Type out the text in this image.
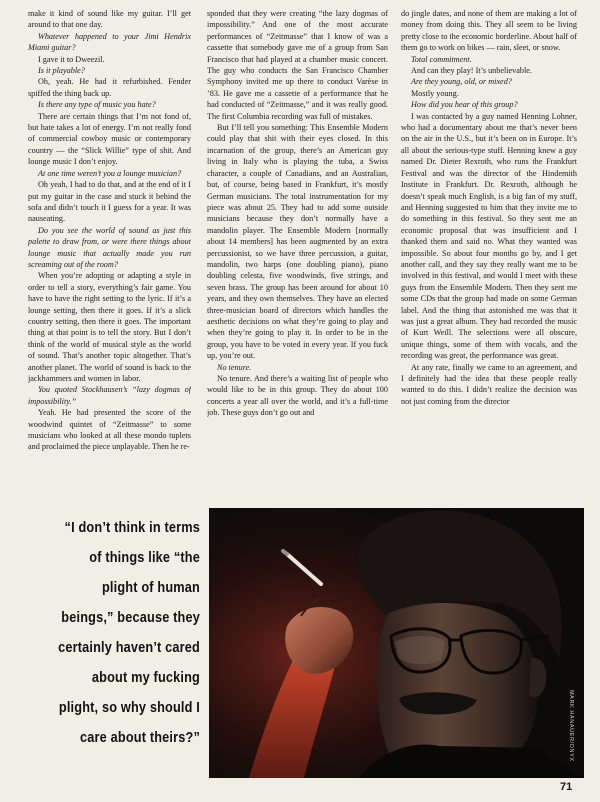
make it kind of sound like my guitar. I’ll get around to that one day.

Whatever happened to your Jimi Hendrix Miami guitar?

I gave it to Dweezil.

Is it playable?

Oh, yeah. He had it refurbished. Fender spiffed the thing back up.

Is there any type of music you hate?

There are certain things that I’m not fond of, but hate takes a lot of energy. I’m not really fond of commercial cowboy music or contemporary country — the “Slick Willie” type of shit. And lounge music I don’t enjoy.

At one time weren’t you a lounge musician?

Oh yeah, I had to do that, and at the end of it I put my guitar in the case and stuck it behind the sofa and didn’t touch it I guess for a year. It was nauseating.

Do you see the world of sound as just this palette to draw from, or were there things about lounge music that actually made you run screaming out of the room?

When you’re adopting or adapting a style in order to tell a story, everything’s fair game. You have to have the right setting to the lyric. If it’s a lounge setting, then there it goes. If it’s a slick country setting, then there it goes. The important thing at that point is to tell the story. But I don’t think of the world of musical style as the world of sound. That’s another topic altogether. That’s another planet. The world of sound is back to the jackhammers and women in labor.

You quoted Stockhausen’s “lazy dogmas of impossibility.”

Yeah. He had presented the score of the woodwind quintet of “Zeitmasse” to some musicians who looked at all these mondo tuplets and proclaimed the piece unplayable. Then he re-

sponded that they were creating “the lazy dogmas of impossibility.” And one of the most accurate performances of “Zeitmasse” that I know of was a cassette that somebody gave me of a group from San Francisco that had played at a chamber music concert. The guy who conducts the San Francisco Chamber Symphony invited me up there to conduct Varèse in ’83. He gave me a cassette of a performance that he had conducted of “Zeitmasse,” and it was really good. The first Columbia recording was full of mistakes.

But I’ll tell you something: This Ensemble Modern could play that shit with their eyes closed. In this incarnation of the group, there’s an American guy living in Italy who is playing the tuba, a Swiss character, a couple of Canadians, and an Australian, but, of course, being based in Frankfurt, it’s mostly German musicians. The total instrumentation for my piece was about 25. They had to add some outside musicians because they don’t normally have a mandolin player. The Ensemble Modern [normally about 14 members] has been augmented by an extra percussionist, so we have three percussion, a guitar, mandolin, two harps (one doubling piano), piano doubling celesta, five woodwinds, five strings, and seven brass. The group has been around for about 10 years, and they own themselves. They have an elected three-musician board of directors which handles the aesthetic decisions on what they’re going to play and when they’re going to play it. In order to be in the group, you have to be voted in every year. If you fuck up, you’re out.

No tenure.

No tenure. And there’s a waiting list of people who would like to be in this group. They do about 100 concerts a year all over the world, and it’s a full-time job. These guys don’t go out and

do jingle dates, and none of them are making a lot of money from doing this. They all seem to be living pretty close to the economic borderline. About half of them go to work on bikes — rain, sleet, or snow.

Total commitment.

And can they play! It’s unbelievable.

Are they young, old, or mixed?

Mostly young.

How did you hear of this group?

I was contacted by a guy named Henning Lohner, who had a documentary about me that’s never been on the air in the U.S., but it’s been on in Europe. It’s all about the serious-type stuff. Henning knew a guy named Dr. Dieter Rexroth, who runs the Frankfurt Festival and was the director of the Hindemith Institute in Frankfurt. Dr. Rexroth, although he doesn’t speak much English, is a big fan of my stuff, and Henning suggested to him that they invite me to do something in this festival. So they sent me an economic proposal that was insufficient and I thanked them and said no. What they wanted was impossible. So about four months go by, and I get another call, and they say they really want me to be involved in this festival, and would I meet with these guys from the Ensemble Modern. Then they sent me some CDs that the group had made on some German label. And the thing that astonished me was that it was just a great album. They had recorded the music of Kurt Weill. The selections were all obscure, unique things, some of them with vocals, and the recording was great, the performance was great.

At any rate, finally we came to an agreement, and I definitely had the idea that these people really wanted to do this. I didn’t realize the decision was not just coming from the director

“I don’t think in terms of things like “the plight of human beings,” because they certainly haven’t cared about my fucking plight, so why should I care about theirs?”	MARK HANAUER/ONYX
71
